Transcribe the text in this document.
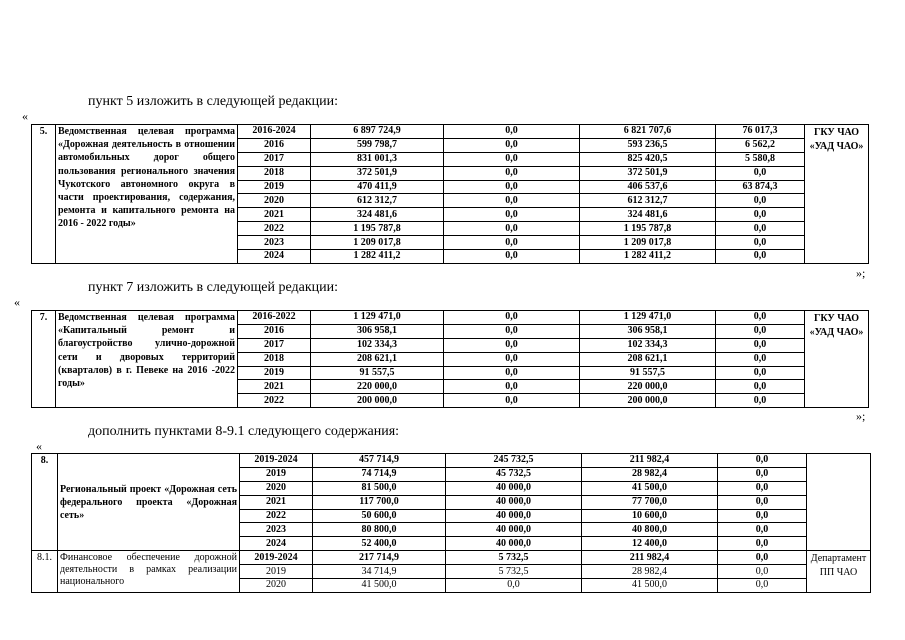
пункт 5 изложить в следующей редакции:
«
5.	Ведомственная целевая программа «Дорожная деятельность в отношении автомобильных дорог общего пользования регионального значения Чукотского автономного округа в части проектирования, содержания, ремонта и капитального ремонта на 2016 - 2022 годы»	2016-2024	6 897 724,9	0,0	6 821 707,6	76 017,3	ГКУ ЧАО «УАД ЧАО»
		2016	599 798,7	0,0	593 236,5	6 562,2	
		2017	831 001,3	0,0	825 420,5	5 580,8	
		2018	372 501,9	0,0	372 501,9	0,0	
		2019	470 411,9	0,0	406 537,6	63 874,3	
		2020	612 312,7	0,0	612 312,7	0,0	
		2021	324 481,6	0,0	324 481,6	0,0	
		2022	1 195 787,8	0,0	1 195 787,8	0,0	
		2023	1 209 017,8	0,0	1 209 017,8	0,0	
		2024	1 282 411,2	0,0	1 282 411,2	0,0	
»;
пункт 7 изложить в следующей редакции:
«
7.	Ведомственная целевая программа «Капитальный ремонт и благоустройство улично-дорожной сети и дворовых территорий (кварталов) в г. Певеке на 2016 -2022 годы»	2016-2022	1 129 471,0	0,0	1 129 471,0	0,0	ГКУ ЧАО «УАД ЧАО»
		2016	306 958,1	0,0	306 958,1	0,0	
		2017	102 334,3	0,0	102 334,3	0,0	
		2018	208 621,1	0,0	208 621,1	0,0	
		2019	91 557,5	0,0	91 557,5	0,0	
		2021	220 000,0	0,0	220 000,0	0,0	
		2022	200 000,0	0,0	200 000,0	0,0	
»;
дополнить пунктами 8-9.1 следующего содержания:
«
8.	Региональный проект «Дорожная сеть федерального проекта «Дорожная сеть»	2019-2024	457 714,9	245 732,5	211 982,4	0,0	
		2019	74 714,9	45 732,5	28 982,4	0,0	
		2020	81 500,0	40 000,0	41 500,0	0,0	
		2021	117 700,0	40 000,0	77 700,0	0,0	
		2022	50 600,0	40 000,0	10 600,0	0,0	
		2023	80 800,0	40 000,0	40 800,0	0,0	
		2024	52 400,0	40 000,0	12 400,0	0,0	
8.1.	Финансовое обеспечение дорожной деятельности в рамках реализации национального	2019-2024	217 714,9	5 732,5	211 982,4	0,0	Департамент ПП ЧАО
		2019	34 714,9	5 732,5	28 982,4	0,0	
		2020	41 500,0	0,0	41 500,0	0,0	
